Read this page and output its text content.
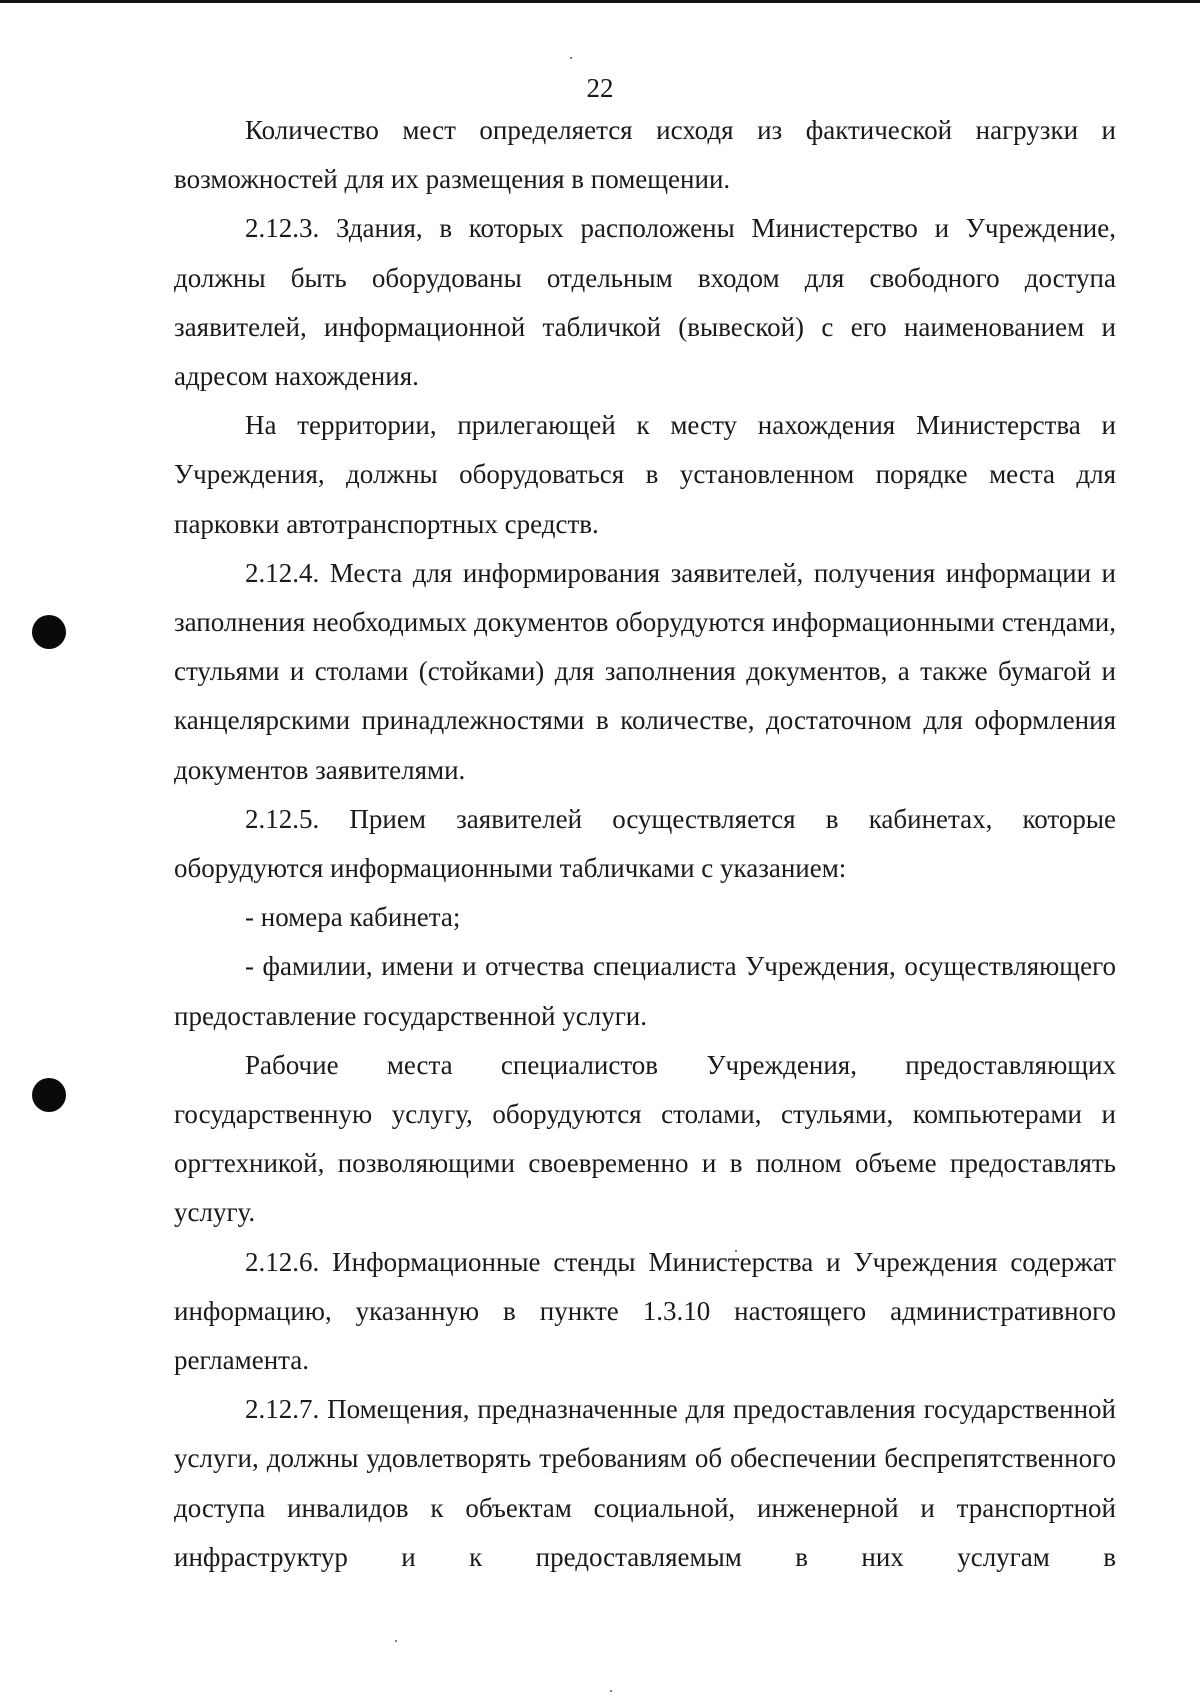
22

Количество мест определяется исходя из фактической нагрузки и возможностей для их размещения в помещении.

2.12.3. Здания, в которых расположены Министерство и Учреждение, должны быть оборудованы отдельным входом для свободного доступа заявителей, информационной табличкой (вывеской) с его наименованием и адресом нахождения.

На территории, прилегающей к месту нахождения Министерства и Учреждения, должны оборудоваться в установленном порядке места для парковки автотранспортных средств.

2.12.4. Места для информирования заявителей, получения информации и заполнения необходимых документов оборудуются информационными стендами, стульями и столами (стойками) для заполнения документов, а также бумагой и канцелярскими принадлежностями в количестве, достаточном для оформления документов заявителями.

2.12.5. Прием заявителей осуществляется в кабинетах, которые оборудуются информационными табличками с указанием:

- номера кабинета;

- фамилии, имени и отчества специалиста Учреждения, осуществляющего предоставление государственной услуги.

Рабочие места специалистов Учреждения, предоставляющих государственную услугу, оборудуются столами, стульями, компьютерами и оргтехникой, позволяющими своевременно и в полном объеме предоставлять услугу.

2.12.6. Информационные стенды Министерства и Учреждения содержат информацию, указанную в пункте 1.3.10 настоящего административного регламента.

2.12.7. Помещения, предназначенные для предоставления государственной услуги, должны удовлетворять требованиям об обеспечении беспрепятственного доступа инвалидов к объектам социальной, инженерной и транспортной инфраструктур и к предоставляемым в них услугам в
